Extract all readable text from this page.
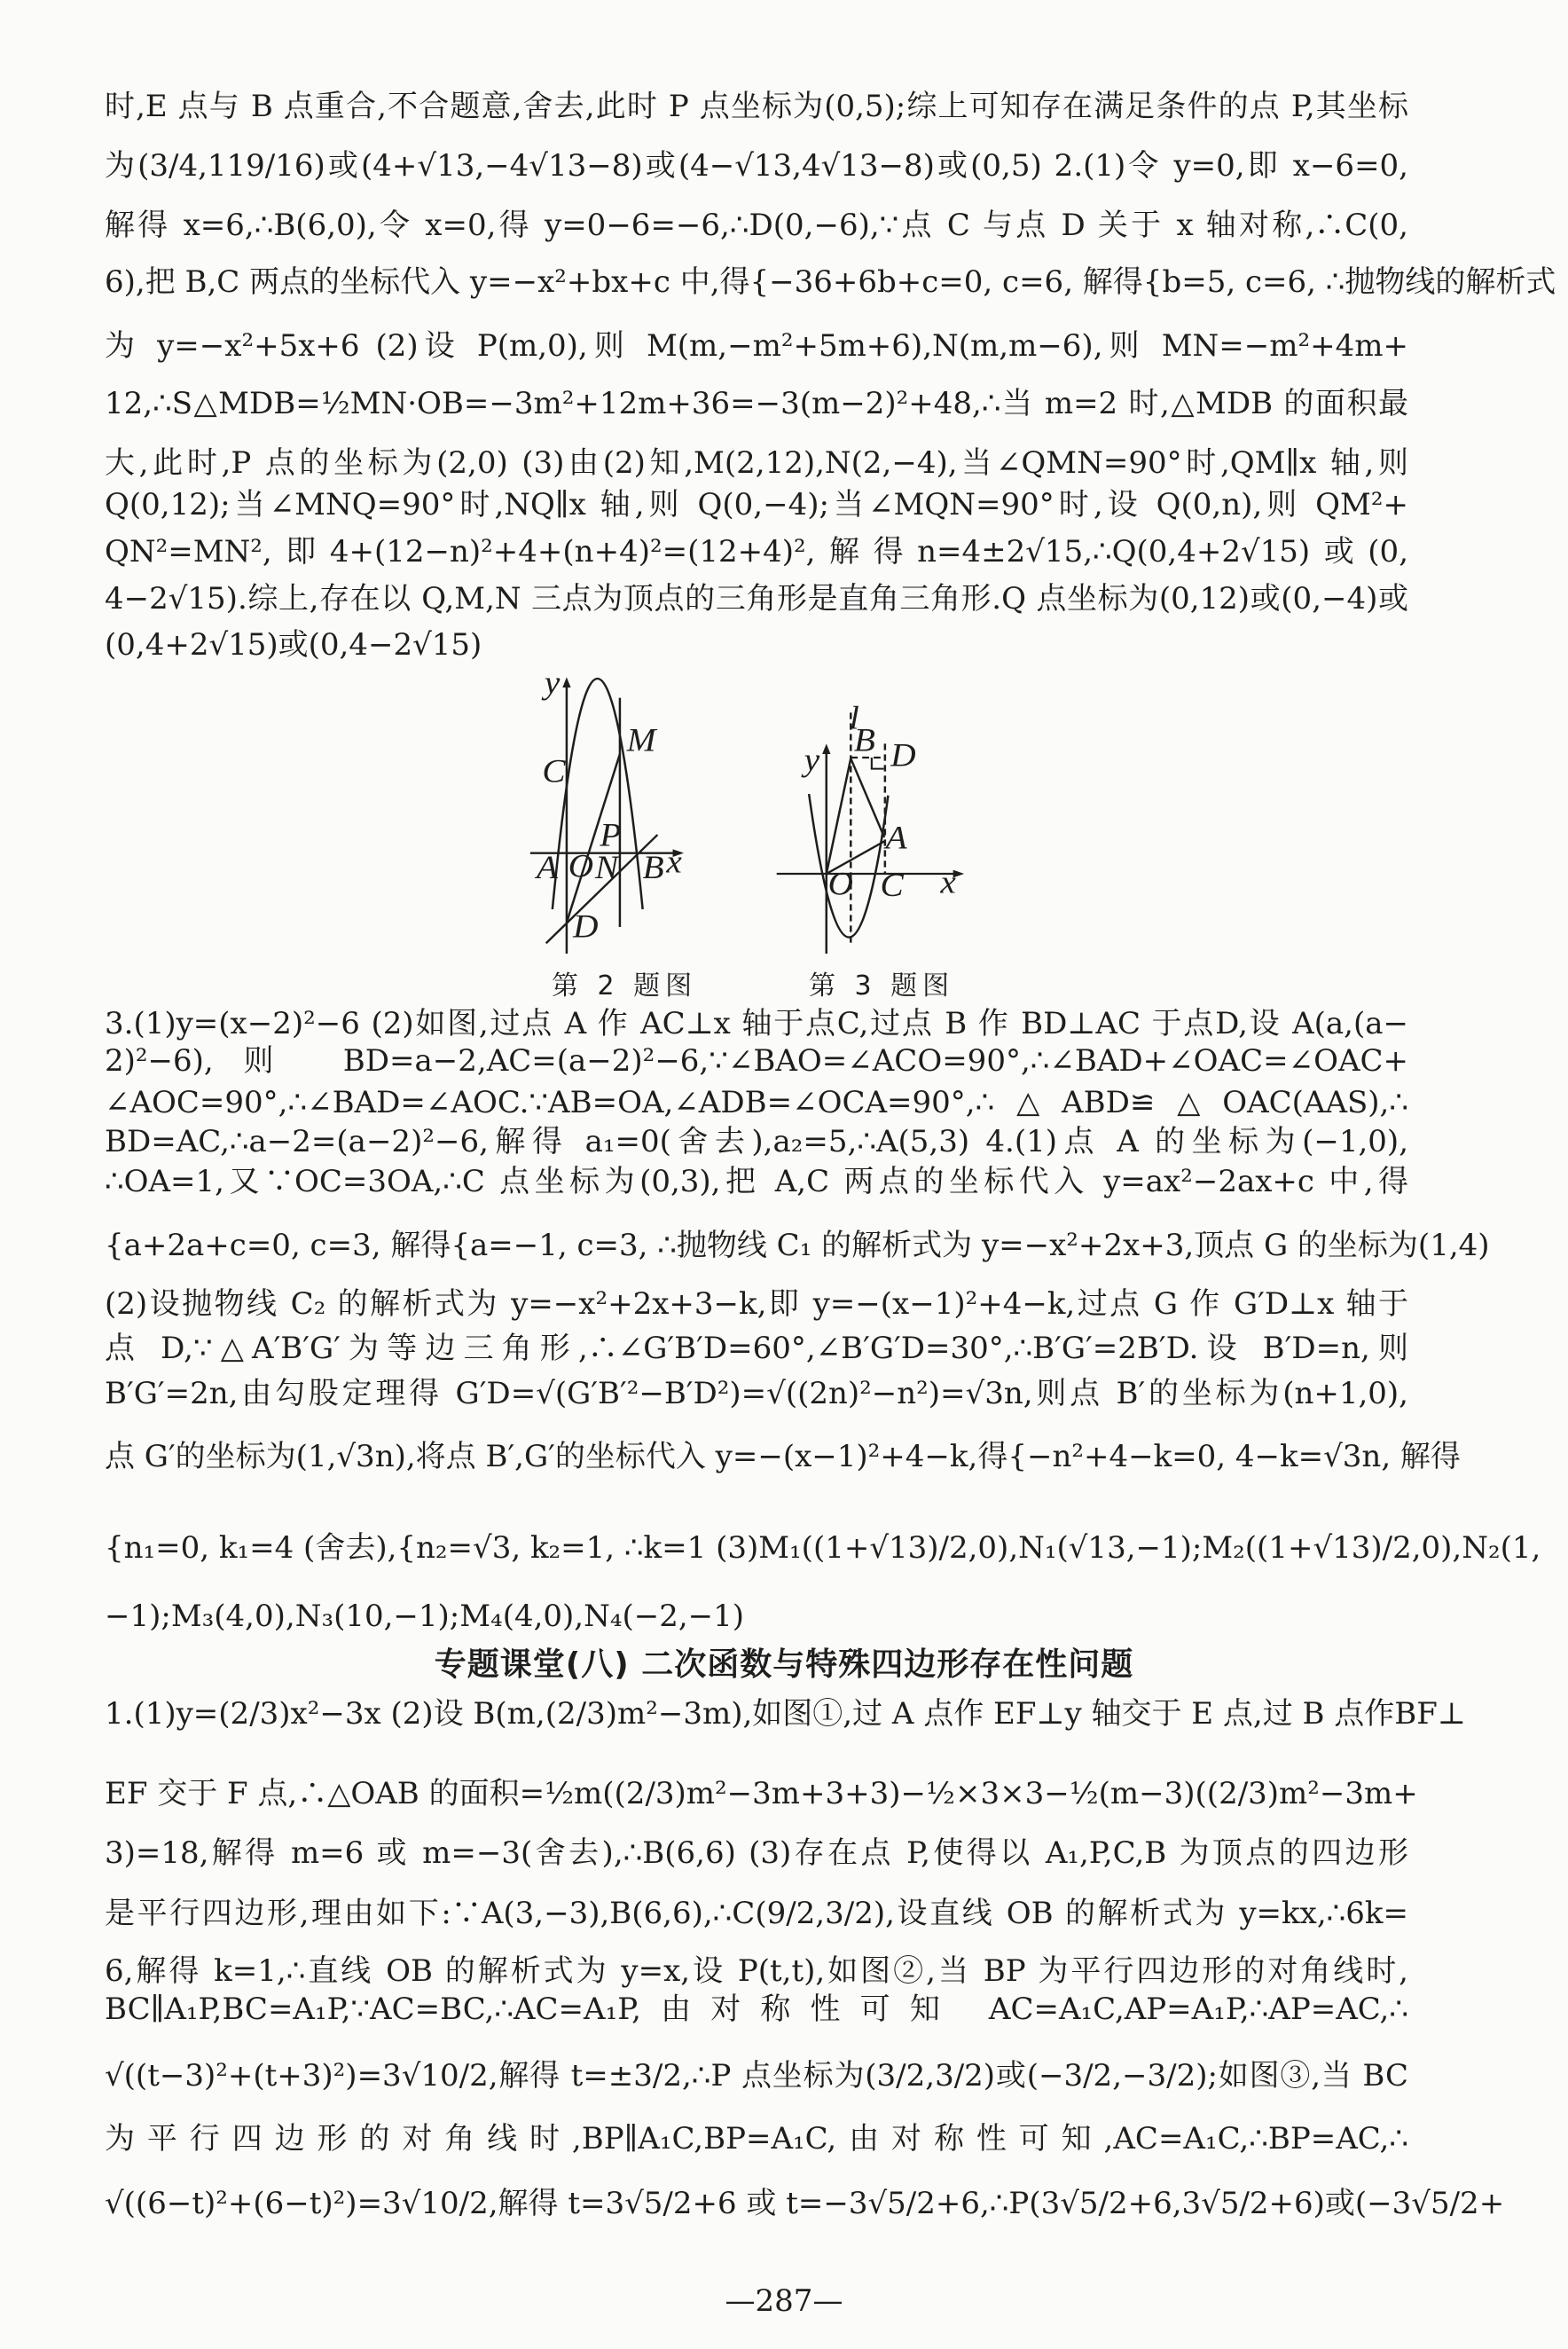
时,E 点与 B 点重合,不合题意,舍去,此时 P 点坐标为(0,5);综上可知存在满足条件的点 P,其坐标
为(3/4,119/16)或(4+√13,−4√13−8)或(4−√13,4√13−8)或(0,5) 2.(1)令 y=0,即 x−6=0,
解得 x=6,∴B(6,0),令 x=0,得 y=0−6=−6,∴D(0,−6),∵点 C 与点 D 关于 x 轴对称,∴C(0,
6),把 B,C 两点的坐标代入 y=−x²+bx+c 中,得{−36+6b+c=0, c=6, 解得{b=5, c=6, ∴抛物线的解析式
为 y=−x²+5x+6 (2)设 P(m,0),则 M(m,−m²+5m+6),N(m,m−6),则 MN=−m²+4m+
12,∴S△MDB=½MN·OB=−3m²+12m+36=−3(m−2)²+48,∴当 m=2 时,△MDB 的面积最
大,此时,P 点的坐标为(2,0) (3)由(2)知,M(2,12),N(2,−4),当∠QMN=90°时,QM∥x 轴,则
Q(0,12);当∠MNQ=90°时,NQ∥x 轴,则 Q(0,−4);当∠MQN=90°时,设 Q(0,n),则 QM²+
QN²=MN²,即4+(12−n)²+4+(n+4)²=(12+4)²,解得n=4±2√15,∴Q(0,4+2√15)或(0,
4−2√15).综上,存在以 Q,M,N 三点为顶点的三角形是直角三角形.Q 点坐标为(0,12)或(0,−4)或
(0,4+2√15)或(0,4−2√15)
y
C
M
P
A O N B x
D
l
B D
y
A
O C x
第 2 题图	第 3 题图
3.(1)y=(x−2)²−6 (2)如图,过点 A 作 AC⊥x 轴于点C,过点 B 作 BD⊥AC 于点D,设 A(a,(a−
2)²−6),则 BD=a−2,AC=(a−2)²−6,∵∠BAO=∠ACO=90°,∴∠BAD+∠OAC=∠OAC+
∠AOC=90°,∴∠BAD=∠AOC.∵AB=OA,∠ADB=∠OCA=90°,∴△ABD≌△OAC(AAS),∴
BD=AC,∴a−2=(a−2)²−6,解得 a₁=0(舍去),a₂=5,∴A(5,3) 4.(1)点 A 的坐标为(−1,0),
∴OA=1,又∵OC=3OA,∴C 点坐标为(0,3),把 A,C 两点的坐标代入 y=ax²−2ax+c 中,得
{a+2a+c=0, c=3, 解得{a=−1, c=3, ∴抛物线 C₁ 的解析式为 y=−x²+2x+3,顶点 G 的坐标为(1,4)
(2)设抛物线 C₂ 的解析式为 y=−x²+2x+3−k,即 y=−(x−1)²+4−k,过点 G 作 G′D⊥x 轴于
点 D,∵△A′B′G′为等边三角形,∴∠G′B′D=60°,∠B′G′D=30°,∴B′G′=2B′D.设 B′D=n,则
B′G′=2n,由勾股定理得 G′D=√(G′B′²−B′D²)=√((2n)²−n²)=√3n,则点 B′的坐标为(n+1,0),
点 G′的坐标为(1,√3n),将点 B′,G′的坐标代入 y=−(x−1)²+4−k,得{−n²+4−k=0, 4−k=√3n, 解得
{n₁=0, k₁=4 (舍去),{n₂=√3, k₂=1, ∴k=1 (3)M₁((1+√13)/2,0),N₁(√13,−1);M₂((1+√13)/2,0),N₂(1,
−1);M₃(4,0),N₃(10,−1);M₄(4,0),N₄(−2,−1)
专题课堂(八) 二次函数与特殊四边形存在性问题
1.(1)y=(2/3)x²−3x (2)设 B(m,(2/3)m²−3m),如图①,过 A 点作 EF⊥y 轴交于 E 点,过 B 点作BF⊥
EF 交于 F 点,∴△OAB 的面积=½m((2/3)m²−3m+3+3)−½×3×3−½(m−3)((2/3)m²−3m+
3)=18,解得 m=6 或 m=−3(舍去),∴B(6,6) (3)存在点 P,使得以 A₁,P,C,B 为顶点的四边形
是平行四边形,理由如下:∵A(3,−3),B(6,6),∴C(9/2,3/2),设直线 OB 的解析式为 y=kx,∴6k=
6,解得 k=1,∴直线 OB 的解析式为 y=x,设 P(t,t),如图②,当 BP 为平行四边形的对角线时,
BC∥A₁P,BC=A₁P,∵AC=BC,∴AC=A₁P,由对称性可知 AC=A₁C,AP=A₁P,∴AP=AC,∴
√((t−3)²+(t+3)²)=3√10/2,解得 t=±3/2,∴P 点坐标为(3/2,3/2)或(−3/2,−3/2);如图③,当 BC
为平行四边形的对角线时,BP∥A₁C,BP=A₁C,由对称性可知,AC=A₁C,∴BP=AC,∴
√((6−t)²+(6−t)²)=3√10/2,解得 t=3√5/2+6 或 t=−3√5/2+6,∴P(3√5/2+6,3√5/2+6)或(−3√5/2+
—287—
